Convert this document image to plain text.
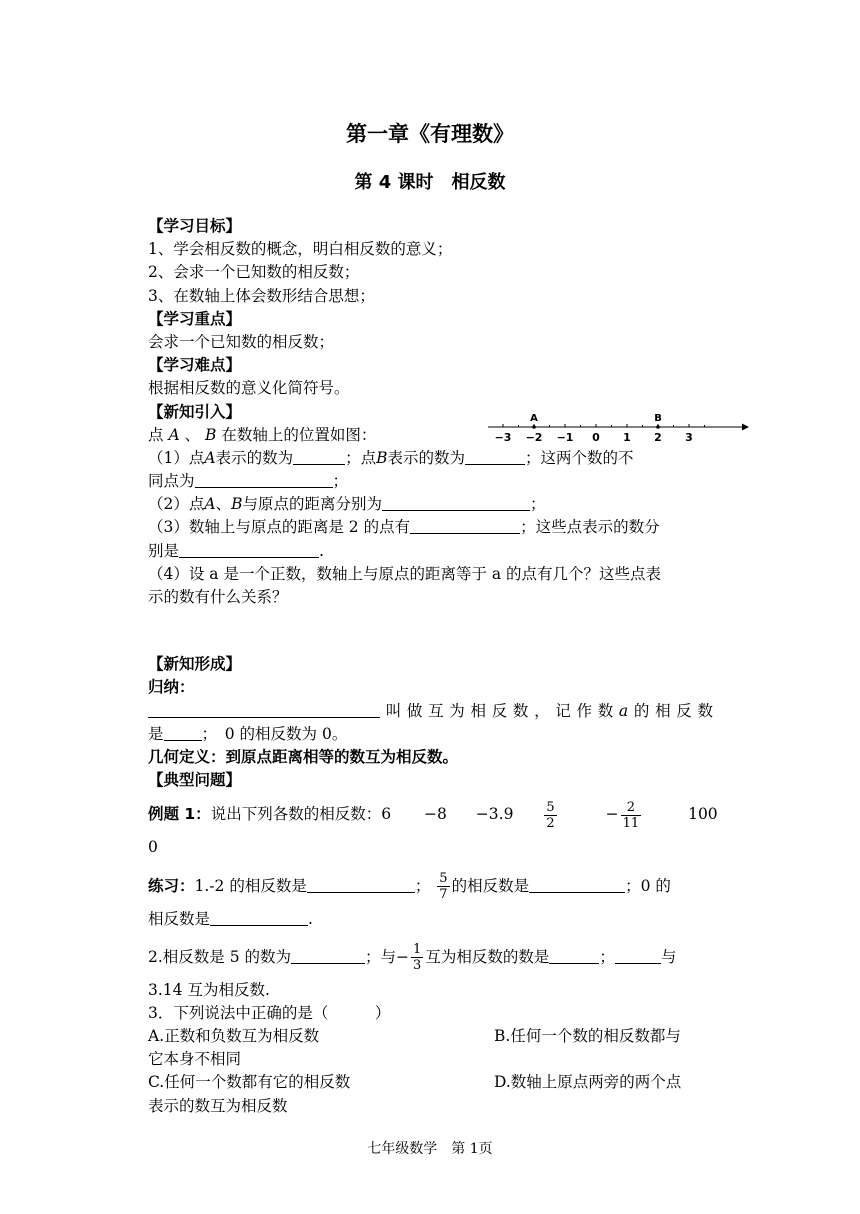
第一章《有理数》
第 4 课时　相反数
【学习目标】
1、学会相反数的概念，明白相反数的意义；
2、会求一个已知数的相反数；
3、在数轴上体会数形结合思想；
【学习重点】
会求一个已知数的相反数；
【学习难点】
根据相反数的意义化简符号。
【新知引入】
点 A 、 B 在数轴上的位置如图：
（1）点A表示的数为	；点B表示的数为	；这两个数的不
同点为	；
（2）点A、B与原点的距离分别为	；
（3）数轴上与原点的距离是 2 的点有	；这些点表示的数分
别是	.
（4）设 a 是一个正数，数轴上与原点的距离等于 a 的点有几个？这些点表
示的数有什么关系？
【新知形成】
归纳：
叫做互为相反数，记作数a的相反数
是 ；　0 的相反数为 0。
几何定义：到原点距离相等的数互为相反数。
【典型问题】
例题 1：说出下列各数的相反数：$6 -8 -3.9 \frac{5}{2}$	− $\frac{2}{11}$	100
0
练习：1.-2 的相反数是	； $\frac{5}{7}$ 的相反数是	；0 的
相反数是	.
2.相反数是 5 的数为	；与− $\frac{1}{3}$ 互为相反数的数是	；	与
3.14 互为相反数.
3．下列说法中正确的是（　　　）
A.正数和负数互为相反数	B.任何一个数的相反数都与
它本身不相同
C.任何一个数都有它的相反数	D.数轴上原点两旁的两个点
表示的数互为相反数
−3 −2 −1 0 1 2 3
A	B
七年级数学　第 1页
